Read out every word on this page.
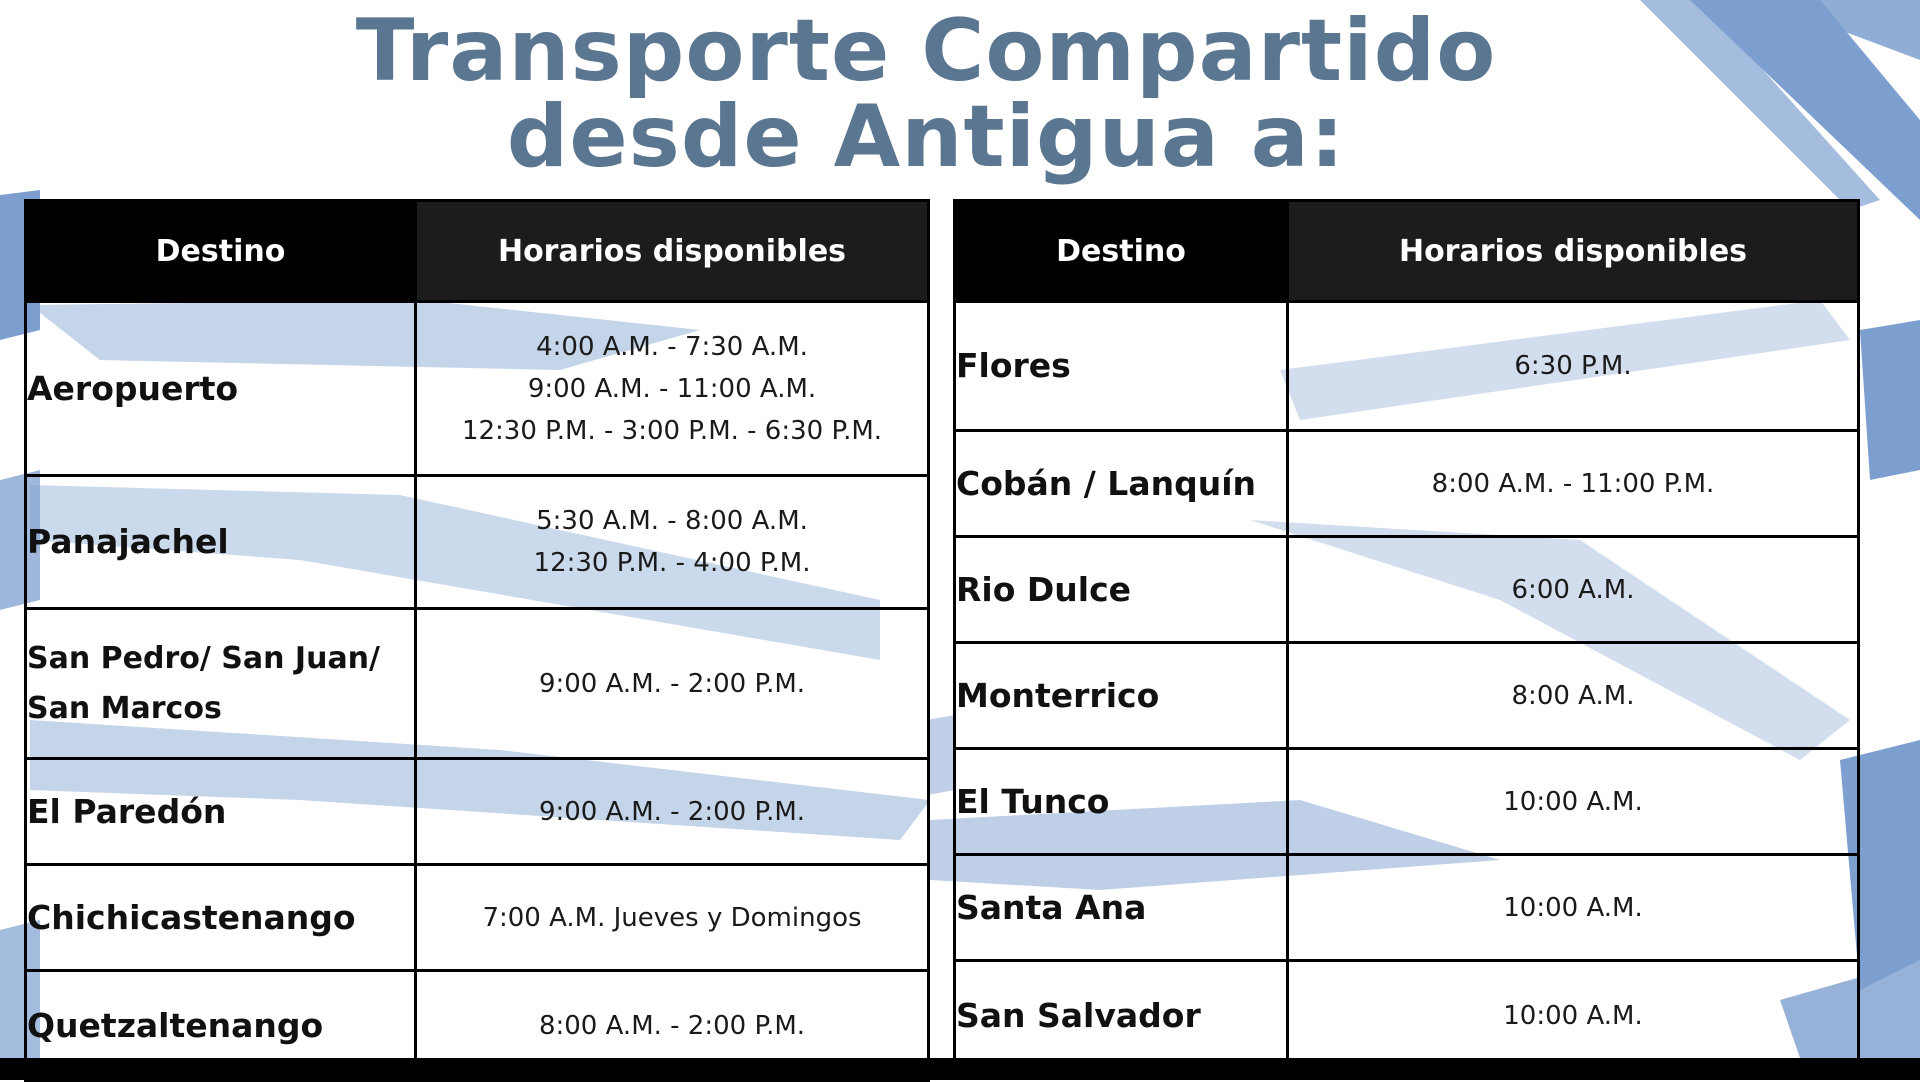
Transporte Compartido
desde Antigua a:
Destino	Horarios disponibles
Aeropuerto	4:00 A.M. - 7:30 A.M.
9:00 A.M. - 11:00 A.M.
12:30 P.M. - 3:00 P.M. - 6:30 P.M.

Panajachel	5:30 A.M. - 8:00 A.M.
12:30 P.M. - 4:00 P.M.

San Pedro/ San Juan/ San Marcos	9:00 A.M. - 2:00 P.M.

El Paredón	9:00 A.M. - 2:00 P.M.

Chichicastenango	7:00 A.M. Jueves y Domingos

Quetzaltenango	8:00 A.M. - 2:00 P.M.
Destino	Horarios disponibles
Flores	6:30 P.M.

Cobán / Lanquín	8:00 A.M. - 11:00 P.M.

Rio Dulce	6:00 A.M.

Monterrico	8:00 A.M.

El Tunco	10:00 A.M.

Santa Ana	10:00 A.M.

San Salvador	10:00 A.M.
